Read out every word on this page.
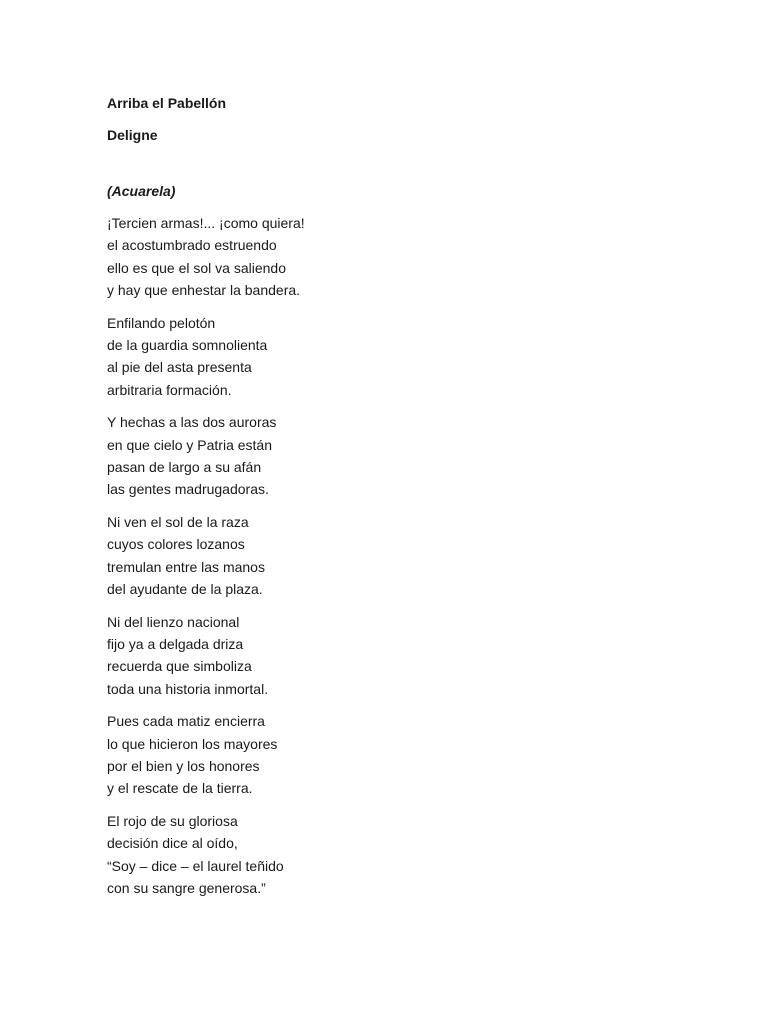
Arriba el Pabellón
Deligne
(Acuarela)
¡Tercien armas!... ¡como quiera!
el acostumbrado estruendo
ello es que el sol va saliendo
y hay que enhestar la bandera.
Enfilando pelotón
de la guardia somnolienta
al pie del asta presenta
arbitraria formación.
Y hechas a las dos auroras
en que cielo y Patria están
pasan de largo a su afán
las gentes madrugadoras.
Ni ven el sol de la raza
cuyos colores lozanos
tremulan entre las manos
del ayudante de la plaza.
Ni del lienzo nacional
fijo ya a delgada driza
recuerda que simboliza
toda una historia inmortal.
Pues cada matiz encierra
lo que hicieron los mayores
por el bien y los honores
y el rescate de la tierra.
El rojo de su gloriosa
decisión dice al oído,
“Soy – dice – el laurel teñido
con su sangre generosa.”
